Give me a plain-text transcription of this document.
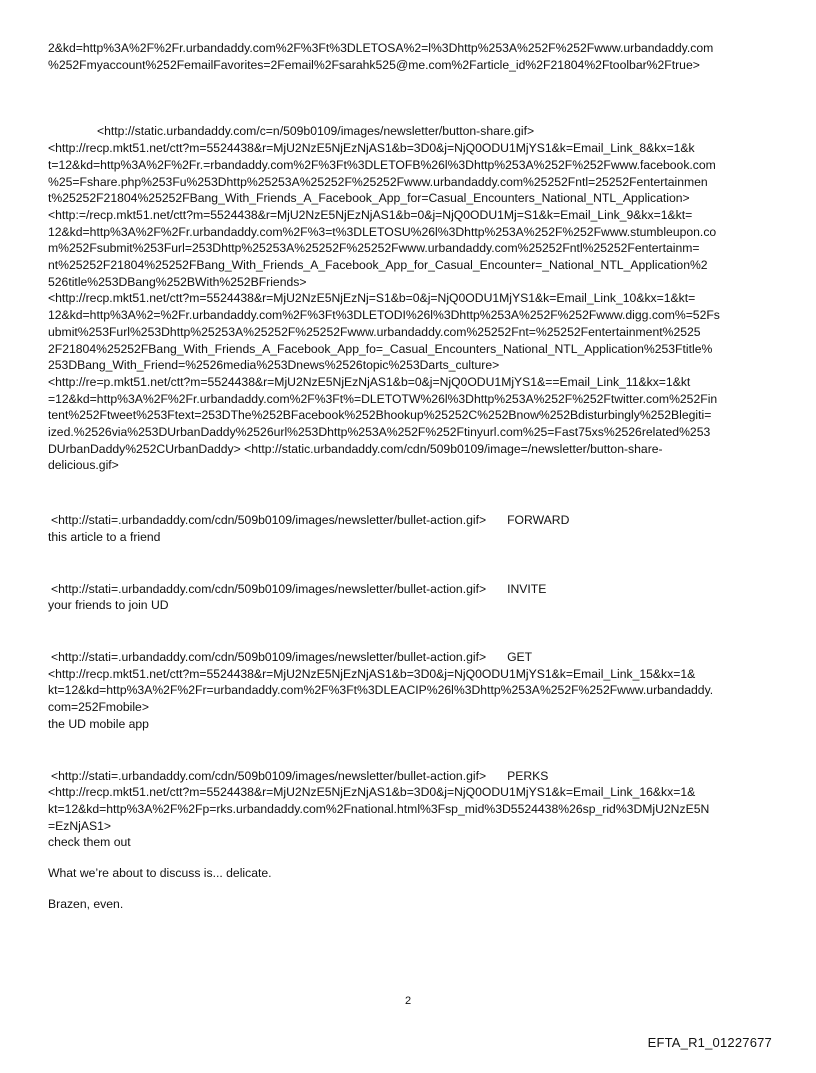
2&kd=http%3A%2F%2Fr.urbandaddy.com%2F%3Ft%3DLETOSA%2=l%3Dhttp%253A%252F%252Fwww.urbandaddy.com

%252Fmyaccount%252FemailFavorites=2Femail%2Fsarahk525@me.com%2Farticle_id%2F21804%2Ftoolbar%2Ftrue>

<http://static.urbandaddy.com/c=n/509b0109/images/newsletter/button-share.gif>

<http://recp.mkt51.net/ctt?m=5524438&r=MjU2NzE5NjEzNjAS1&b=3D0&j=NjQ0ODU1MjYS1&k=Email_Link_8&kx=1&k

t=12&kd=http%3A%2F%2Fr.=rbandaddy.com%2F%3Ft%3DLETOFB%26l%3Dhttp%253A%252F%252Fwww.facebook.com

%25=Fshare.php%253Fu%253Dhttp%25253A%25252F%25252Fwww.urbandaddy.com%25252Fntl=25252Fentertainmen

t%25252F21804%25252FBang_With_Friends_A_Facebook_App_for=Casual_Encounters_National_NTL_Application>

<http:=/recp.mkt51.net/ctt?m=5524438&r=MjU2NzE5NjEzNjAS1&b=0&j=NjQ0ODU1Mj=S1&k=Email_Link_9&kx=1&kt=

12&kd=http%3A%2F%2Fr.urbandaddy.com%2F%3=t%3DLETOSU%26l%3Dhttp%253A%252F%252Fwww.stumbleupon.co

m%252Fsubmit%253Furl=253Dhttp%25253A%25252F%25252Fwww.urbandaddy.com%25252Fntl%25252Fentertainm=

nt%25252F21804%25252FBang_With_Friends_A_Facebook_App_for_Casual_Encounter=_National_NTL_Application%2

526title%253DBang%252BWith%252BFriends>

<http://recp.mkt51.net/ctt?m=5524438&r=MjU2NzE5NjEzNj=S1&b=0&j=NjQ0ODU1MjYS1&k=Email_Link_10&kx=1&kt=

12&kd=http%3A%2=%2Fr.urbandaddy.com%2F%3Ft%3DLETODI%26l%3Dhttp%253A%252F%252Fwww.digg.com%=52Fs

ubmit%253Furl%253Dhttp%25253A%25252F%25252Fwww.urbandaddy.com%25252Fnt=%25252Fentertainment%2525

2F21804%25252FBang_With_Friends_A_Facebook_App_fo=_Casual_Encounters_National_NTL_Application%253Ftitle%

253DBang_With_Friend=%2526media%253Dnews%2526topic%253Darts_culture>

<http://re=p.mkt51.net/ctt?m=5524438&r=MjU2NzE5NjEzNjAS1&b=0&j=NjQ0ODU1MjYS1&==Email_Link_11&kx=1&kt

=12&kd=http%3A%2F%2Fr.urbandaddy.com%2F%3Ft%=DLETOTW%26l%3Dhttp%253A%252F%252Ftwitter.com%252Fin

tent%252Ftweet%253Ftext=253DThe%252BFacebook%252Bhookup%25252C%252Bnow%252Bdisturbingly%252Blegiti=

ized.%2526via%253DUrbanDaddy%2526url%253Dhttp%253A%252F%252Ftinyurl.com%25=Fast75xs%2526related%253

DUrbanDaddy%252CUrbanDaddy> <http://static.urbandaddy.com/cdn/509b0109/image=/newsletter/button-share-

delicious.gif>

<http://stati=.urbandaddy.com/cdn/509b0109/images/newsletter/bullet-action.gif> FORWARD

this article to a friend

<http://stati=.urbandaddy.com/cdn/509b0109/images/newsletter/bullet-action.gif> INVITE

your friends to join UD

<http://stati=.urbandaddy.com/cdn/509b0109/images/newsletter/bullet-action.gif> GET

<http://recp.mkt51.net/ctt?m=5524438&r=MjU2NzE5NjEzNjAS1&b=3D0&j=NjQ0ODU1MjYS1&k=Email_Link_15&kx=1&

kt=12&kd=http%3A%2F%2Fr=urbandaddy.com%2F%3Ft%3DLEACIP%26l%3Dhttp%253A%252F%252Fwww.urbandaddy.

com=252Fmobile>

the UD mobile app

<http://stati=.urbandaddy.com/cdn/509b0109/images/newsletter/bullet-action.gif> PERKS

<http://recp.mkt51.net/ctt?m=5524438&r=MjU2NzE5NjEzNjAS1&b=3D0&j=NjQ0ODU1MjYS1&k=Email_Link_16&kx=1&

kt=12&kd=http%3A%2F%2Fp=rks.urbandaddy.com%2Fnational.html%3Fsp_mid%3D5524438%26sp_rid%3DMjU2NzE5N

=EzNjAS1>

check them out

What we’re about to discuss is... delicate.

Brazen, even.

2
EFTA_R1_01227677
